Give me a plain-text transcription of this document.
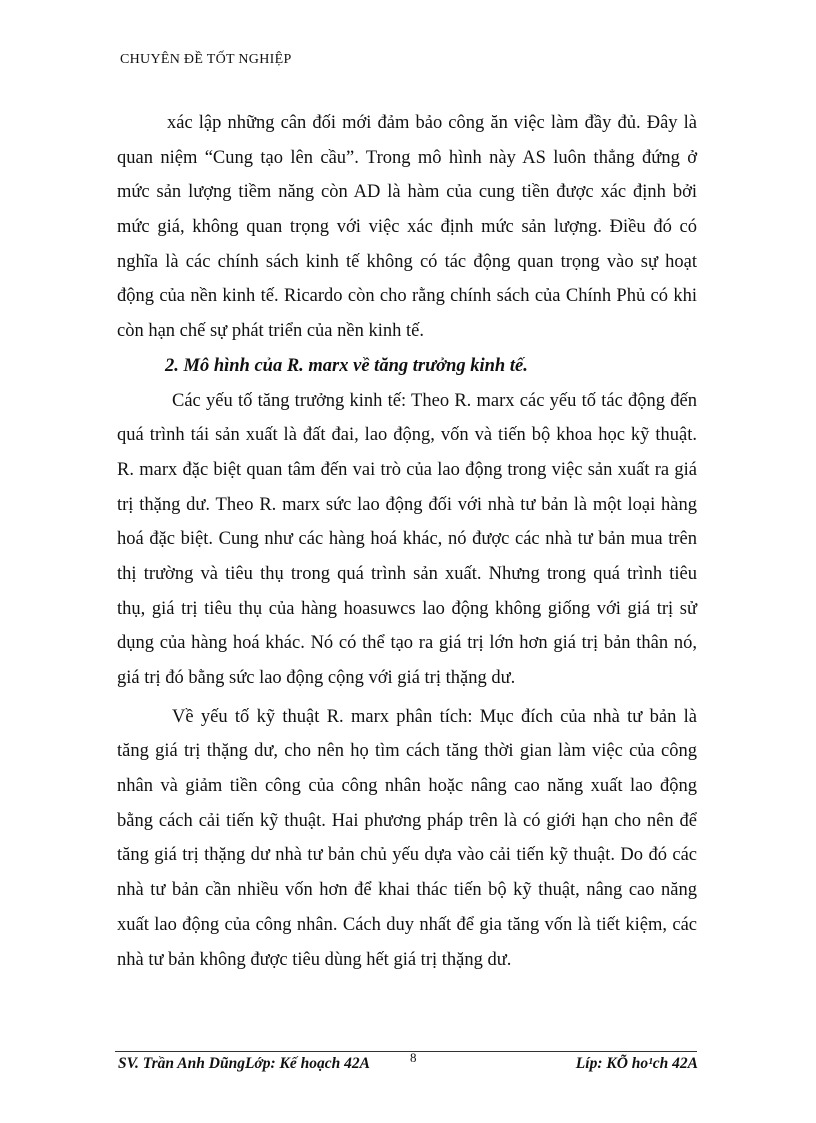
CHUYÊN ĐỀ TỐT NGHIỆP
xác lập những cân đối mới đảm bảo công ăn việc làm đầy đủ. Đây là
quan niệm “Cung tạo lên cầu”. Trong mô hình này AS luôn thẳng đứng ở
mức sản lượng tiềm năng còn AD là hàm của cung tiền được xác định bởi
mức giá, không quan trọng với việc xác định mức sản lượng. Điều đó có
nghĩa là các chính sách kinh tế không có tác động quan trọng vào sự hoạt
động của nền kinh tế. Ricardo còn cho rằng chính sách của Chính Phủ có khi
còn hạn chế sự phát triển của nền kinh tế.
2. Mô hình của R. marx về tăng trưởng kinh tế.
Các yếu tố tăng trưởng kinh tế: Theo R. marx các yếu tố tác động đến
quá trình tái sản xuất là đất đai, lao động, vốn và tiến bộ khoa học kỹ thuật.
R. marx đặc biệt quan tâm đến vai trò của lao động trong việc sản xuất ra giá
trị thặng dư. Theo R. marx sức lao động đối với nhà tư bản là một loại hàng
hoá đặc biệt. Cung như các hàng hoá khác, nó được các nhà tư bản mua trên
thị trường và tiêu thụ trong quá trình sản xuất. Nhưng trong quá trình tiêu
thụ, giá trị tiêu thụ của hàng hoasuwcs lao động không giống với giá trị sử
dụng của hàng hoá khác. Nó có thể tạo ra giá trị lớn hơn giá trị bản thân nó,
giá trị đó bằng sức lao động cộng với giá trị thặng dư.
Về yếu tố kỹ thuật R. marx phân tích: Mục đích của nhà tư bản là
tăng giá trị thặng dư, cho nên họ tìm cách tăng thời gian làm việc của công
nhân và giảm tiền công của công nhân hoặc nâng cao năng xuất lao động
bằng cách cải tiến kỹ thuật. Hai phương pháp trên là có giới hạn cho nên để
tăng giá trị thặng dư nhà tư bản chủ yếu dựa vào cải tiến kỹ thuật. Do đó các
nhà tư bản cần nhiều vốn hơn để khai thác tiến bộ kỹ thuật, nâng cao năng
xuất lao động của công nhân. Cách duy nhất để gia tăng vốn là tiết kiệm, các
nhà tư bản không được tiêu dùng hết giá trị thặng dư.
SV. Trần Anh DũngLớp: Kế hoạch 42A	8	Líp: KÕ ho¹ch 42A
